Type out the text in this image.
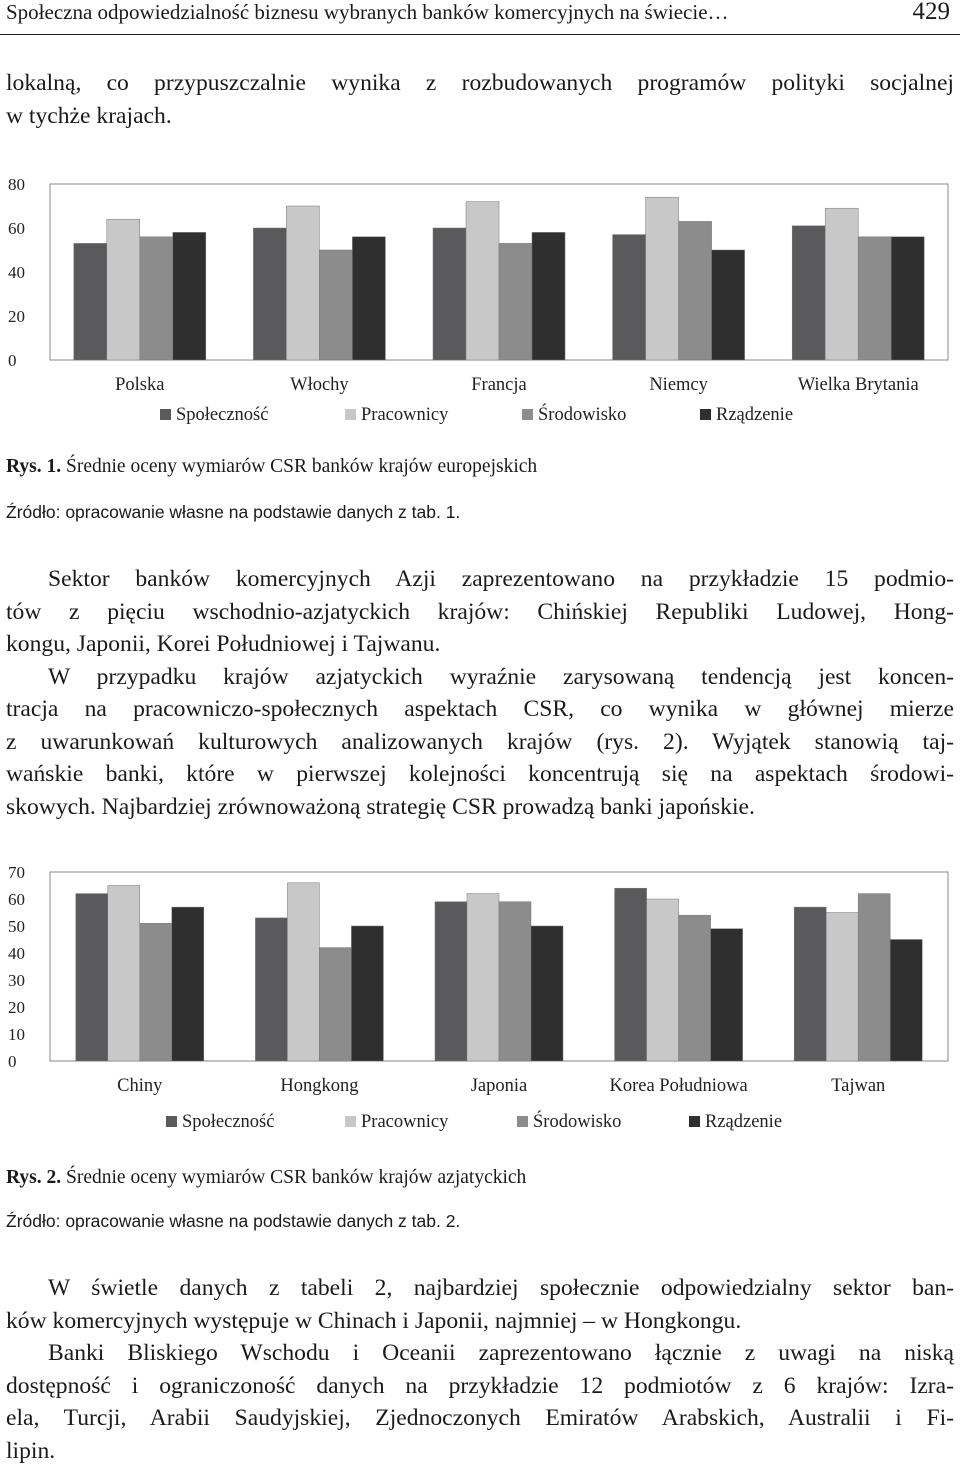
Społeczna odpowiedzialność biznesu wybranych banków komercyjnych na świecie…	429

lokalną, co przypuszczalnie wynika z rozbudowanych programów polityki socjalnej
w tychże krajach.

0
20
40
60
80
Polska	Włochy	Francja	Niemcy	Wielka Brytania
Społeczność	Pracownicy	Środowisko	Rządzenie
Rys. 1. Średnie oceny wymiarów CSR banków krajów europejskich
Źródło: opracowanie własne na podstawie danych z tab. 1.

Sektor banków komercyjnych Azji zaprezentowano na przykładzie 15 podmio-
tów z pięciu wschodnio-azjatyckich krajów: Chińskiej Republiki Ludowej, Hong-
kongu, Japonii, Korei Południowej i Tajwanu.
W przypadku krajów azjatyckich wyraźnie zarysowaną tendencją jest koncen-
tracja na pracowniczo-społecznych aspektach CSR, co wynika w głównej mierze
z uwarunkowań kulturowych analizowanych krajów (rys. 2). Wyjątek stanowią taj-
wańskie banki, które w pierwszej kolejności koncentrują się na aspektach środowi-
skowych. Najbardziej zrównoważoną strategię CSR prowadzą banki japońskie.

0
10
20
30
40
50
60
70
Chiny	Hongkong	Japonia	Korea Południowa	Tajwan
Społeczność	Pracownicy	Środowisko	Rządzenie
Rys. 2. Średnie oceny wymiarów CSR banków krajów azjatyckich
Źródło: opracowanie własne na podstawie danych z tab. 2.

W świetle danych z tabeli 2, najbardziej społecznie odpowiedzialny sektor ban-
ków komercyjnych występuje w Chinach i Japonii, najmniej – w Hongkongu.
Banki Bliskiego Wschodu i Oceanii zaprezentowano łącznie z uwagi na niską
dostępność i ograniczoność danych na przykładzie 12 podmiotów z 6 krajów: Izra-
ela, Turcji, Arabii Saudyjskiej, Zjednoczonych Emiratów Arabskich, Australii i Fi-
lipin.
